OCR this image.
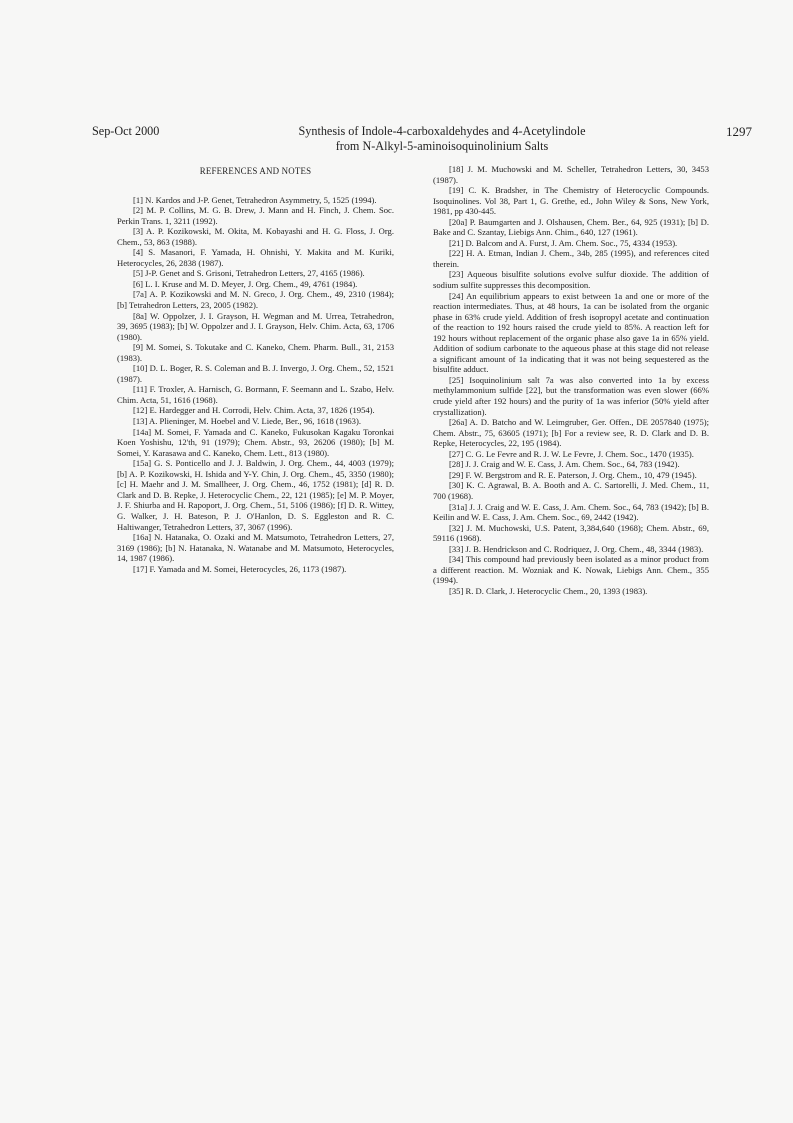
Sep-Oct 2000	Synthesis of Indole-4-carboxaldehydes and 4-Acetylindole
from N-Alkyl-5-aminoisoquinolinium Salts
1297
REFERENCES AND NOTES

[1] N. Kardos and J-P. Genet, Tetrahedron Asymmetry, 5, 1525 (1994).

[2] M. P. Collins, M. G. B. Drew, J. Mann and H. Finch, J. Chem. Soc. Perkin Trans. 1, 3211 (1992).

[3] A. P. Kozikowski, M. Okita, M. Kobayashi and H. G. Floss, J. Org. Chem., 53, 863 (1988).

[4] S. Masanori, F. Yamada, H. Ohnishi, Y. Makita and M. Kuriki, Heterocycles, 26, 2838 (1987).

[5] J-P. Genet and S. Grisoni, Tetrahedron Letters, 27, 4165 (1986).

[6] L. I. Kruse and M. D. Meyer, J. Org. Chem., 49, 4761 (1984).

[7a] A. P. Kozikowski and M. N. Greco, J. Org. Chem., 49, 2310 (1984); [b] Tetrahedron Letters, 23, 2005 (1982).

[8a] W. Oppolzer, J. I. Grayson, H. Wegman and M. Urrea, Tetrahedron, 39, 3695 (1983); [b] W. Oppolzer and J. I. Grayson, Helv. Chim. Acta, 63, 1706 (1980).

[9] M. Somei, S. Tokutake and C. Kaneko, Chem. Pharm. Bull., 31, 2153 (1983).

[10] D. L. Boger, R. S. Coleman and B. J. Invergo, J. Org. Chem., 52, 1521 (1987).

[11] F. Troxler, A. Harnisch, G. Bormann, F. Seemann and L. Szabo, Helv. Chim. Acta, 51, 1616 (1968).

[12] E. Hardegger and H. Corrodi, Helv. Chim. Acta, 37, 1826 (1954).

[13] A. Plieninger, M. Hoebel and V. Liede, Ber., 96, 1618 (1963).

[14a] M. Somei, F. Yamada and C. Kaneko, Fukusokan Kagaku Toronkai Koen Yoshishu, 12'th, 91 (1979); Chem. Abstr., 93, 26206 (1980); [b] M. Somei, Y. Karasawa and C. Kaneko, Chem. Lett., 813 (1980).

[15a] G. S. Ponticello and J. J. Baldwin, J. Org. Chem., 44, 4003 (1979); [b] A. P. Kozikowski, H. Ishida and Y-Y. Chin, J. Org. Chem., 45, 3350 (1980); [c] H. Maehr and J. M. Smallheer, J. Org. Chem., 46, 1752 (1981); [d] R. D. Clark and D. B. Repke, J. Heterocyclic Chem., 22, 121 (1985); [e] M. P. Moyer, J. F. Shiurba and H. Rapoport, J. Org. Chem., 51, 5106 (1986); [f] D. R. Wittey, G. Walker, J. H. Bateson, P. J. O'Hanlon, D. S. Eggleston and R. C. Haltiwanger, Tetrahedron Letters, 37, 3067 (1996).

[16a] N. Hatanaka, O. Ozaki and M. Matsumoto, Tetrahedron Letters, 27, 3169 (1986); [b] N. Hatanaka, N. Watanabe and M. Matsumoto, Heterocycles, 14, 1987 (1986).

[17] F. Yamada and M. Somei, Heterocycles, 26, 1173 (1987).

[18] J. M. Muchowski and M. Scheller, Tetrahedron Letters, 30, 3453 (1987).

[19] C. K. Bradsher, in The Chemistry of Heterocyclic Compounds. Isoquinolines. Vol 38, Part 1, G. Grethe, ed., John Wiley & Sons, New York, 1981, pp 430-445.

[20a] P. Baumgarten and J. Olshausen, Chem. Ber., 64, 925 (1931); [b] D. Bake and C. Szantay, Liebigs Ann. Chim., 640, 127 (1961).

[21] D. Balcom and A. Furst, J. Am. Chem. Soc., 75, 4334 (1953).

[22] H. A. Etman, Indian J. Chem., 34b, 285 (1995), and references cited therein.

[23] Aqueous bisulfite solutions evolve sulfur dioxide. The addition of sodium sulfite suppresses this decomposition.

[24] An equilibrium appears to exist between 1a and one or more of the reaction intermediates. Thus, at 48 hours, 1a can be isolated from the organic phase in 63% crude yield. Addition of fresh isopropyl acetate and continuation of the reaction to 192 hours raised the crude yield to 85%. A reaction left for 192 hours without replacement of the organic phase also gave 1a in 65% yield. Addition of sodium carbonate to the aqueous phase at this stage did not release a significant amount of 1a indicating that it was not being sequestered as the bisulfite adduct.

[25] Isoquinolinium salt 7a was also converted into 1a by excess methylammonium sulfide [22], but the transformation was even slower (66% crude yield after 192 hours) and the purity of 1a was inferior (50% yield after crystallization).

[26a] A. D. Batcho and W. Leimgruber, Ger. Offen., DE 2057840 (1975); Chem. Abstr., 75, 63605 (1971); [b] For a review see, R. D. Clark and D. B. Repke, Heterocycles, 22, 195 (1984).

[27] C. G. Le Fevre and R. J. W. Le Fevre, J. Chem. Soc., 1470 (1935).

[28] J. J. Craig and W. E. Cass, J. Am. Chem. Soc., 64, 783 (1942).

[29] F. W. Bergstrom and R. E. Paterson, J. Org. Chem., 10, 479 (1945).

[30] K. C. Agrawal, B. A. Booth and A. C. Sartorelli, J. Med. Chem., 11, 700 (1968).

[31a] J. J. Craig and W. E. Cass, J. Am. Chem. Soc., 64, 783 (1942); [b] B. Keilin and W. E. Cass, J. Am. Chem. Soc., 69, 2442 (1942).

[32] J. M. Muchowski, U.S. Patent, 3,384,640 (1968); Chem. Abstr., 69, 59116 (1968).

[33] J. B. Hendrickson and C. Rodriquez, J. Org. Chem., 48, 3344 (1983).

[34] This compound had previously been isolated as a minor product from a different reaction. M. Wozniak and K. Nowak, Liebigs Ann. Chem., 355 (1994).

[35] R. D. Clark, J. Heterocyclic Chem., 20, 1393 (1983).
